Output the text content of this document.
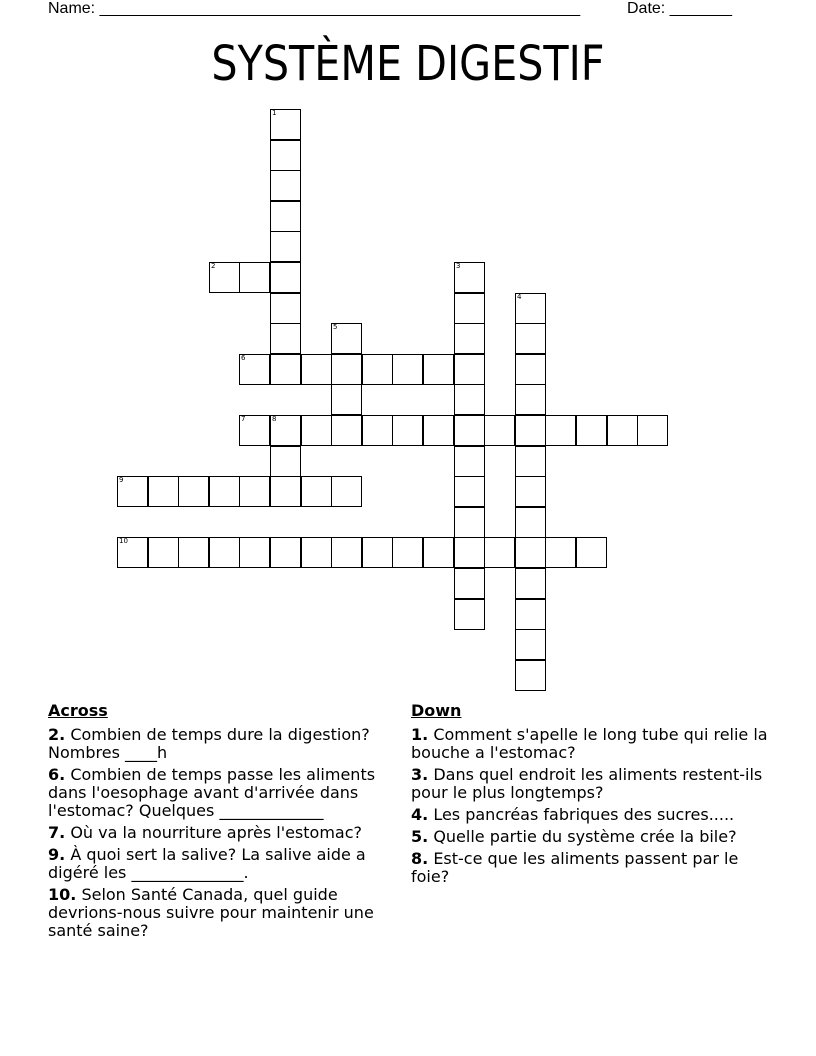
Name: ______________________________________________________	Date: _______
SYSTÈME DIGESTIF
1
2	3
4
5
6
7	8
9
10
Across
2. Combien de temps dure la digestion? Nombres ____h
6. Combien de temps passe les aliments dans l'oesophage avant d'arrivée dans l'estomac? Quelques _____________
7. Où va la nourriture après l'estomac?
9. À quoi sert la salive? La salive aide a digéré les ______________.
10. Selon Santé Canada, quel guide devrions-nous suivre pour maintenir une santé saine?
Down
1. Comment s'apelle le long tube qui relie la bouche a l'estomac?
3. Dans quel endroit les aliments restent-ils pour le plus longtemps?
4. Les pancréas fabriques des sucres.....
5. Quelle partie du système crée la bile?
8. Est-ce que les aliments passent par le foie?
